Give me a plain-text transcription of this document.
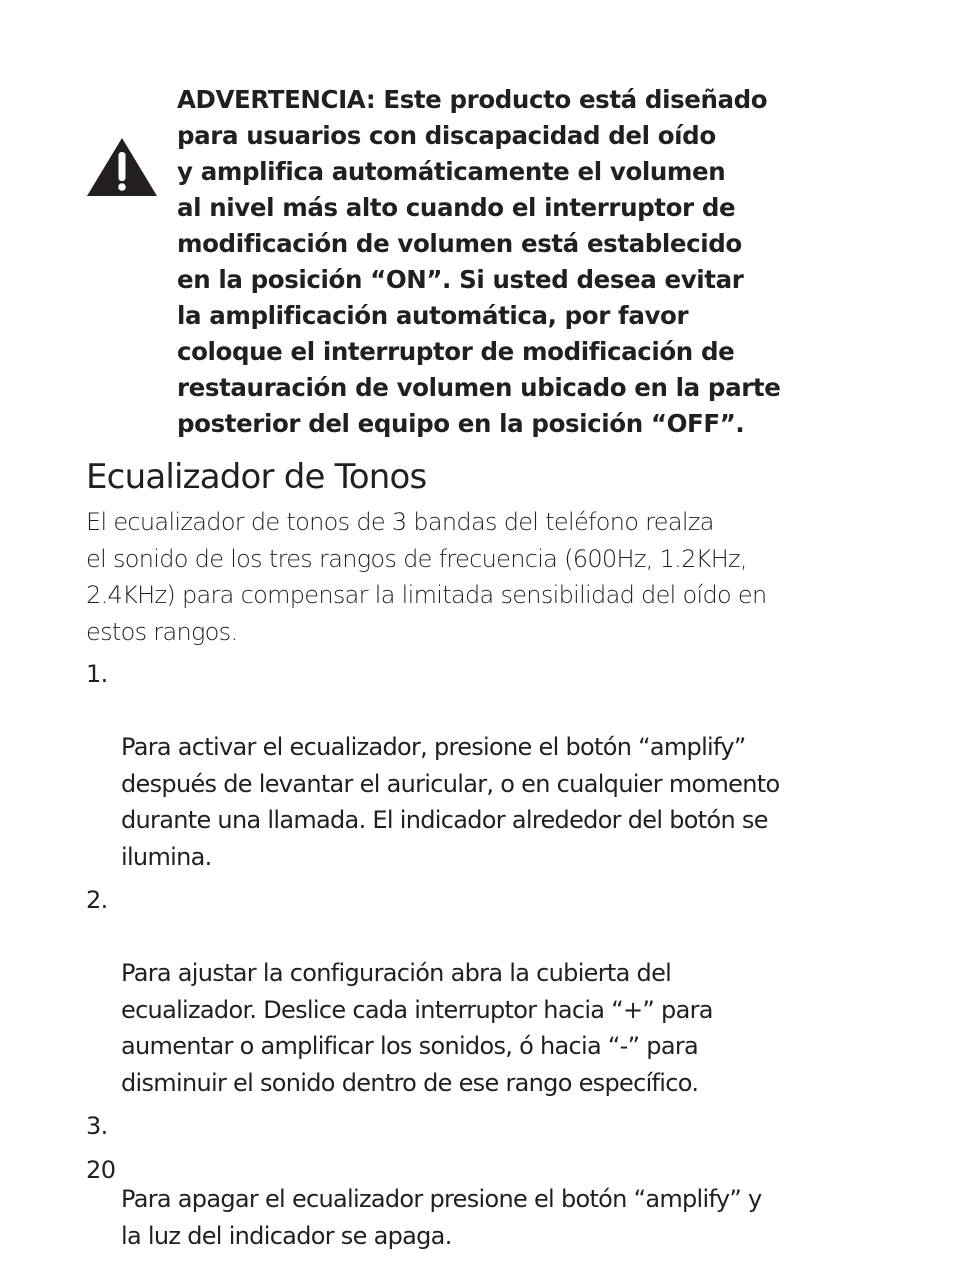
ADVERTENCIA: Este producto está diseñado
para usuarios con discapacidad del oído
y amplifica automáticamente el volumen
al nivel más alto cuando el interruptor de
modificación de volumen está establecido
en la posición “ON”. Si usted desea evitar
la amplificación automática, por favor
coloque el interruptor de modificación de
restauración de volumen ubicado en la parte
posterior del equipo en la posición “OFF”.
Ecualizador de Tonos

El ecualizador de tonos de 3 bandas del teléfono realza
el sonido de los tres rangos de frecuencia (600Hz, 1.2KHz,
2.4KHz) para compensar la limitada sensibilidad del oído en
estos rangos.

1.

Para activar el ecualizador, presione el botón “amplify”
después de levantar el auricular, o en cualquier momento
durante una llamada. El indicador alrededor del botón se
ilumina.

2.

Para ajustar la configuración abra la cubierta del
ecualizador. Deslice cada interruptor hacia “+” para
aumentar o amplificar los sonidos, ó hacia “-” para
disminuir el sonido dentro de ese rango específico.

3.

Para apagar el ecualizador presione el botón “amplify” y
la luz del indicador se apaga.

20
